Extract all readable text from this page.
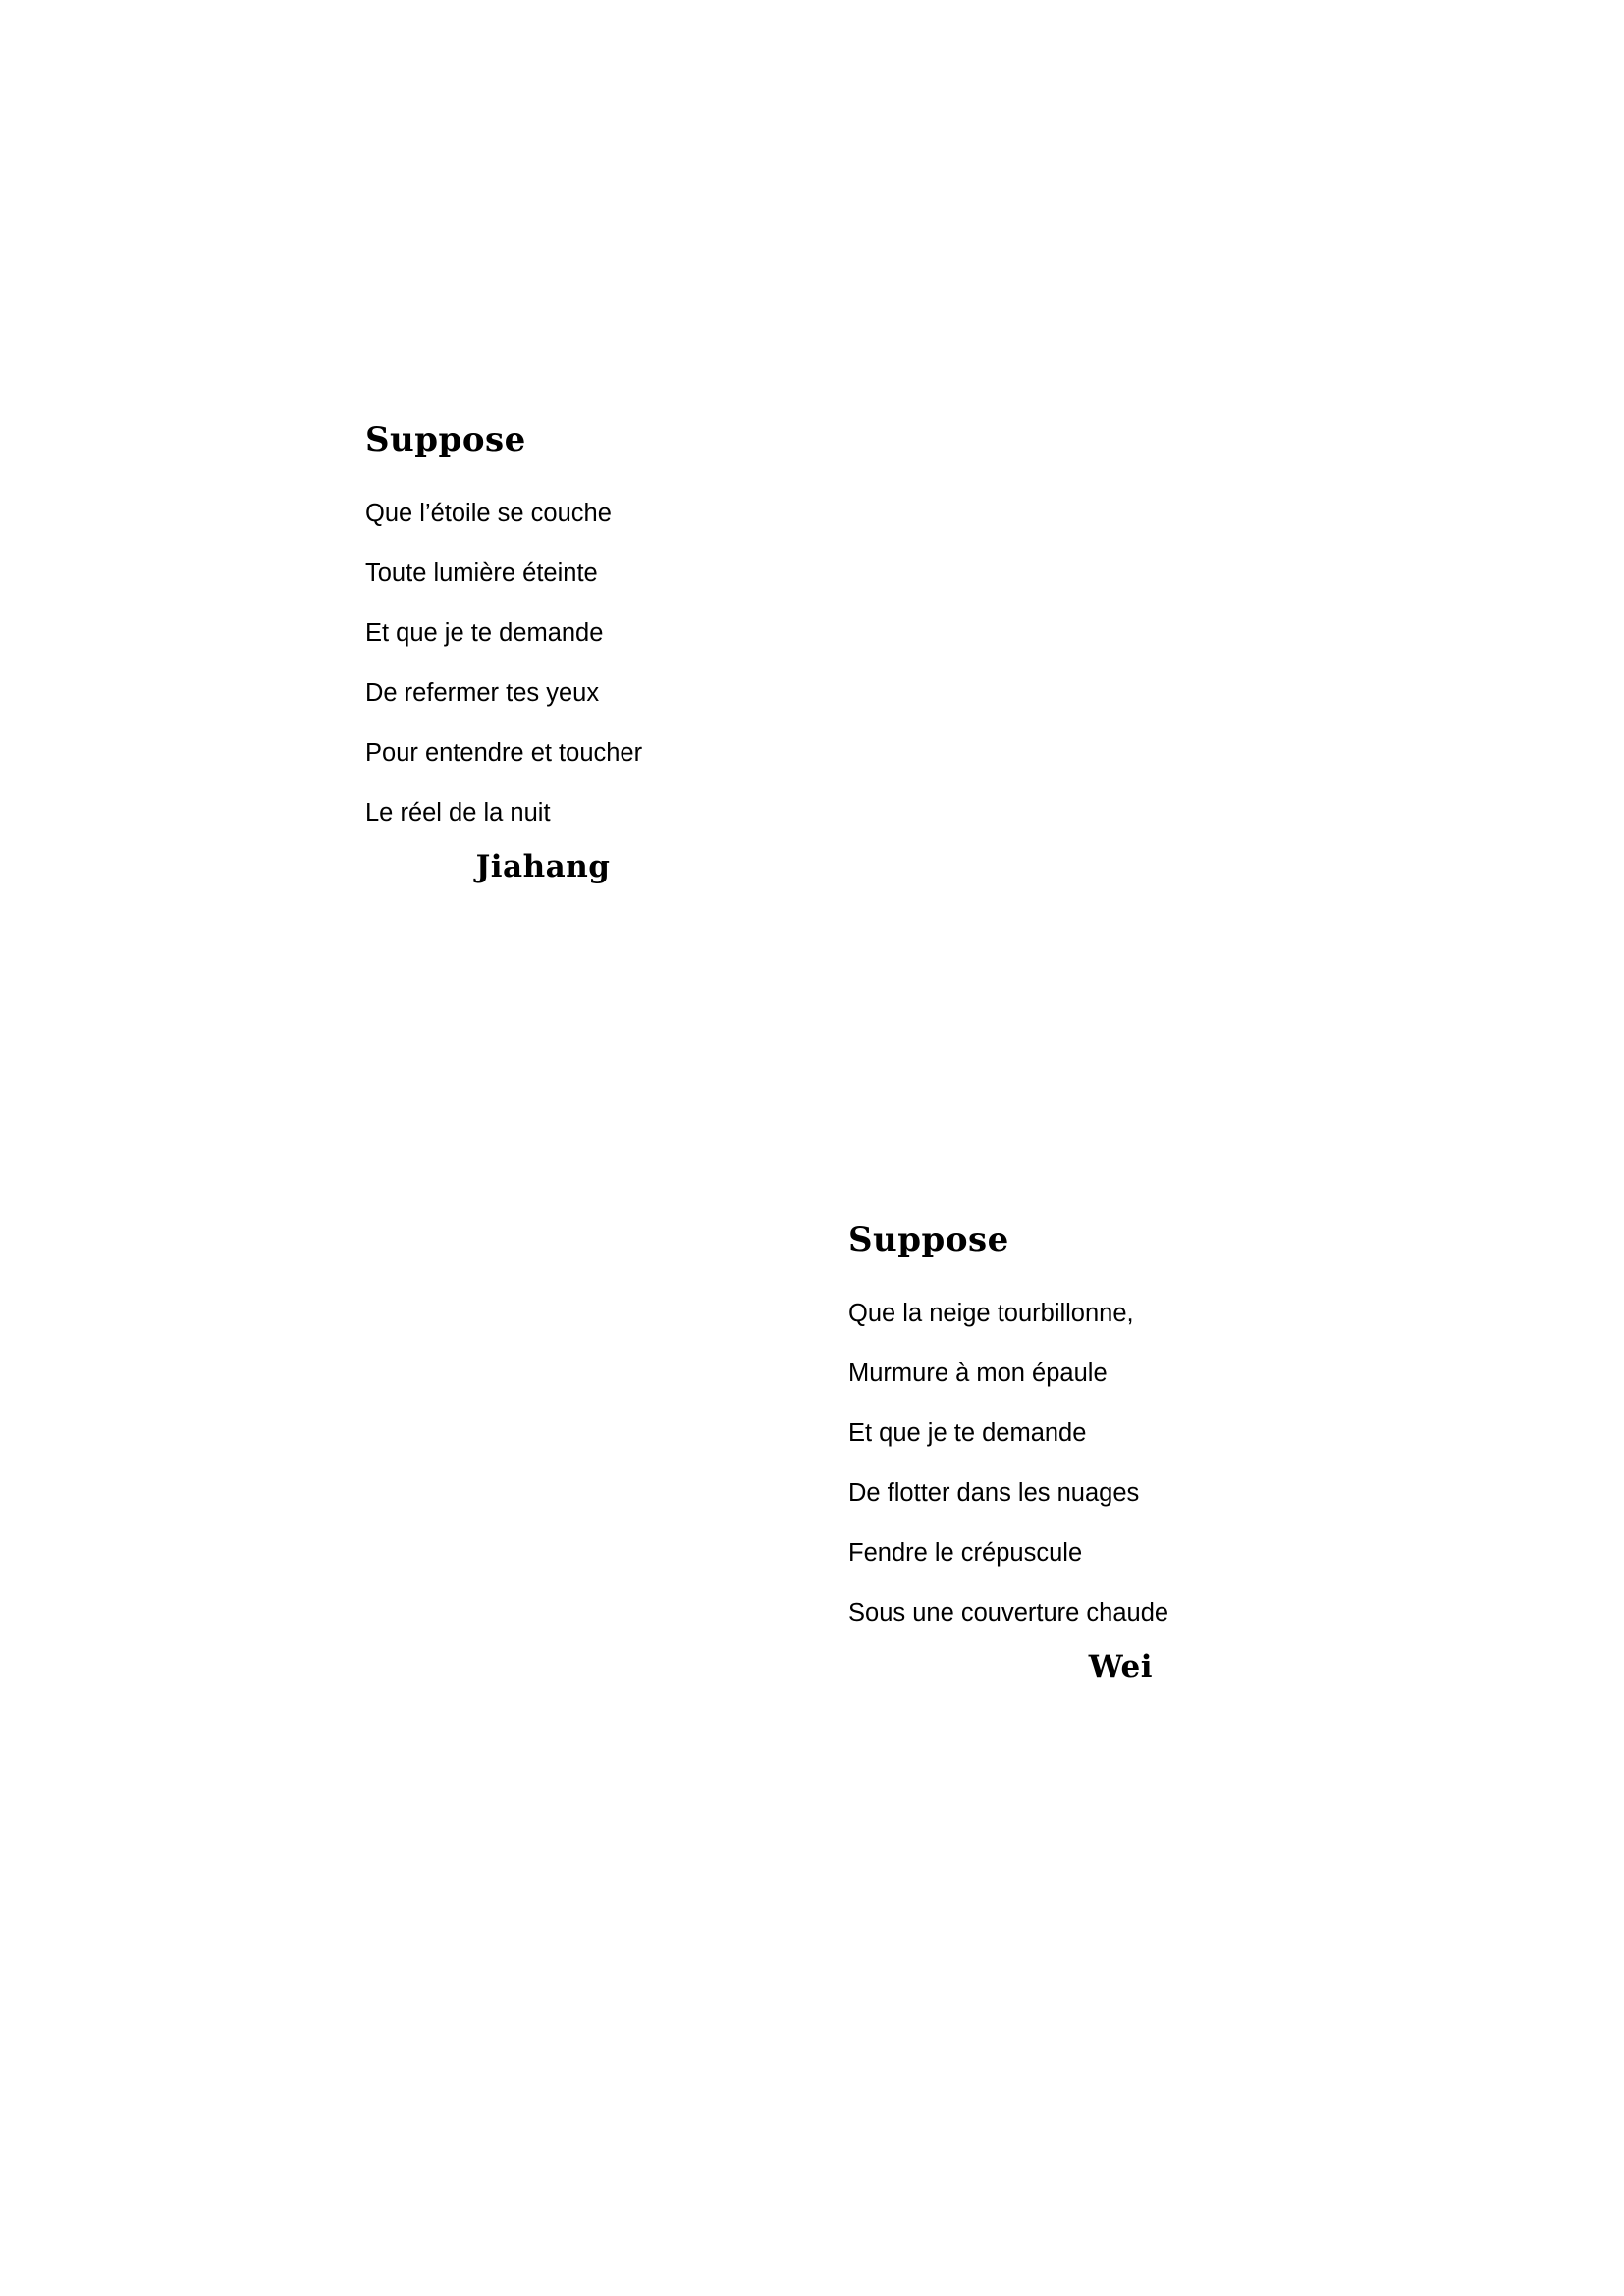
Suppose
Que l’étoile se couche
Toute lumière éteinte
Et que je te demande
De refermer tes yeux
Pour entendre et toucher
Le réel de la nuit
Jiahang
Suppose
Que la neige tourbillonne,
Murmure à mon épaule
Et que je te demande
De flotter dans les nuages
Fendre le crépuscule
Sous une couverture chaude
Wei
